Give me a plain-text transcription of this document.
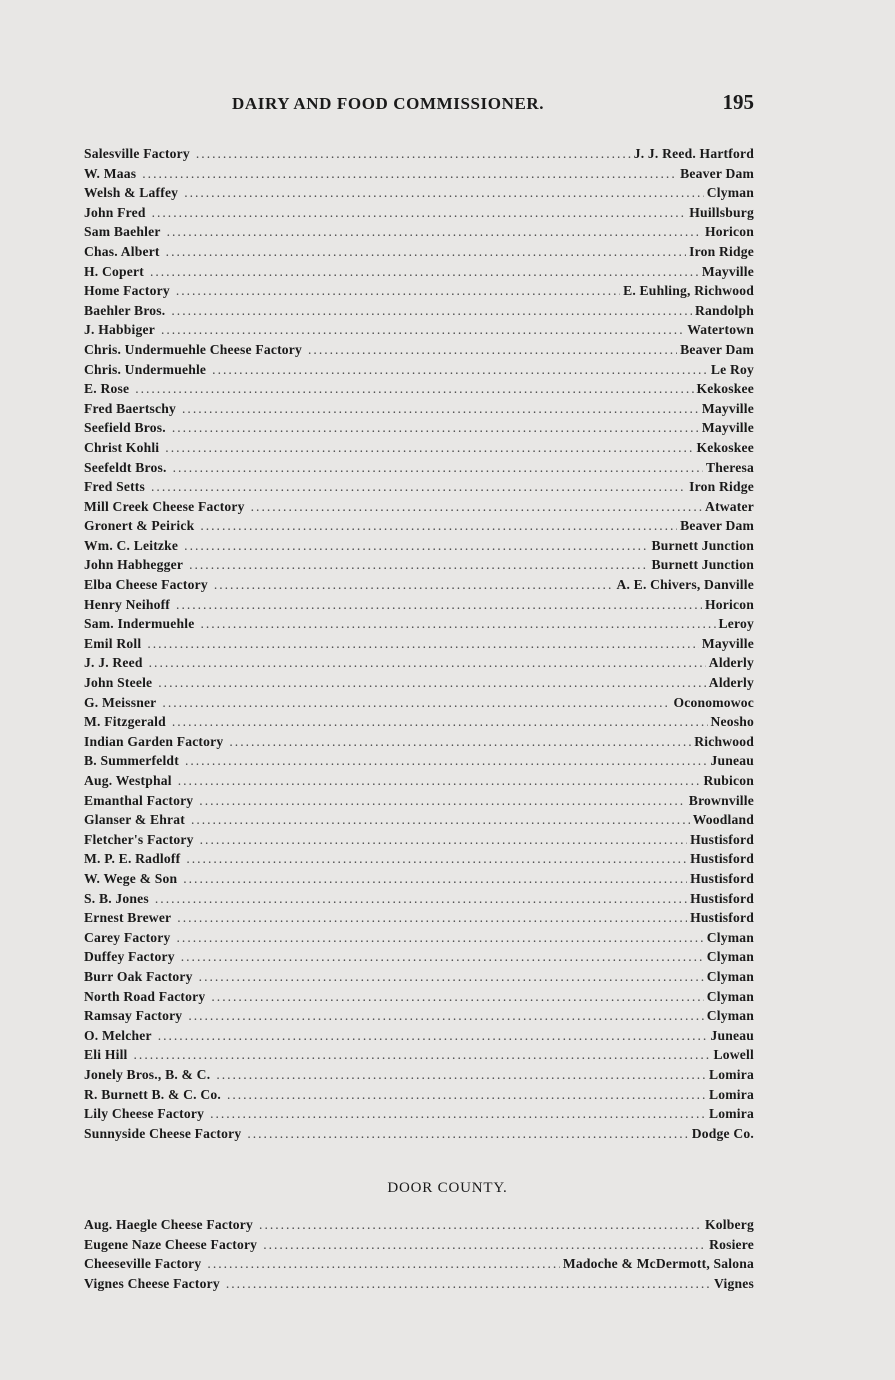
DAIRY AND FOOD COMMISSIONER.	195
Salesville Factory .....	J. J. Reed. Hartford
W. Maas .....	Beaver Dam
Welsh & Laffey .....	Clyman
John Fred .....	Huillsburg
Sam Baehler .....	Horicon
Chas. Albert .....	Iron Ridge
H. Copert .....	Mayville
Home Factory .....	E. Euhling, Richwood
Baehler Bros. .....	Randolph
J. Habbiger .....	Watertown
Chris. Undermuehle Cheese Factory .....	Beaver Dam
Chris. Undermuehle .....	Le Roy
E. Rose .....	Kekoskee
Fred Baertschy .....	Mayville
Seefield Bros. .....	Mayville
Christ Kohli .....	Kekoskee
Seefeldt Bros. .....	Theresa
Fred Setts .....	Iron Ridge
Mill Creek Cheese Factory .....	Atwater
Gronert & Peirick .....	Beaver Dam
Wm. C. Leitzke .....	Burnett Junction
John Habhegger .....	Burnett Junction
Elba Cheese Factory .....	A. E. Chivers, Danville
Henry Neihoff .....	Horicon
Sam. Indermuehle .....	Leroy
Emil Roll .....	Mayville
J. J. Reed .....	Alderly
John Steele .....	Alderly
G. Meissner .....	Oconomowoc
M. Fitzgerald .....	Neosho
Indian Garden Factory .....	Richwood
B. Summerfeldt .....	Juneau
Aug. Westphal .....	Rubicon
Emanthal Factory .....	Brownville
Glanser & Ehrat .....	Woodland
Fletcher's Factory .....	Hustisford
M. P. E. Radloff .....	Hustisford
W. Wege & Son .....	Hustisford
S. B. Jones .....	Hustisford
Ernest Brewer .....	Hustisford
Carey Factory .....	Clyman
Duffey Factory .....	Clyman
Burr Oak Factory .....	Clyman
North Road Factory .....	Clyman
Ramsay Factory .....	Clyman
O. Melcher .....	Juneau
Eli Hill .....	Lowell
Jonely Bros., B. & C. .....	Lomira
R. Burnett B. & C. Co. .....	Lomira
Lily Cheese Factory .....	Lomira
Sunnyside Cheese Factory .....	Dodge Co.
DOOR COUNTY.
Aug. Haegle Cheese Factory .....	Kolberg
Eugene Naze Cheese Factory .....	Rosiere
Cheeseville Factory .....	Madoche & McDermott, Salona
Vignes Cheese Factory .....	Vignes
